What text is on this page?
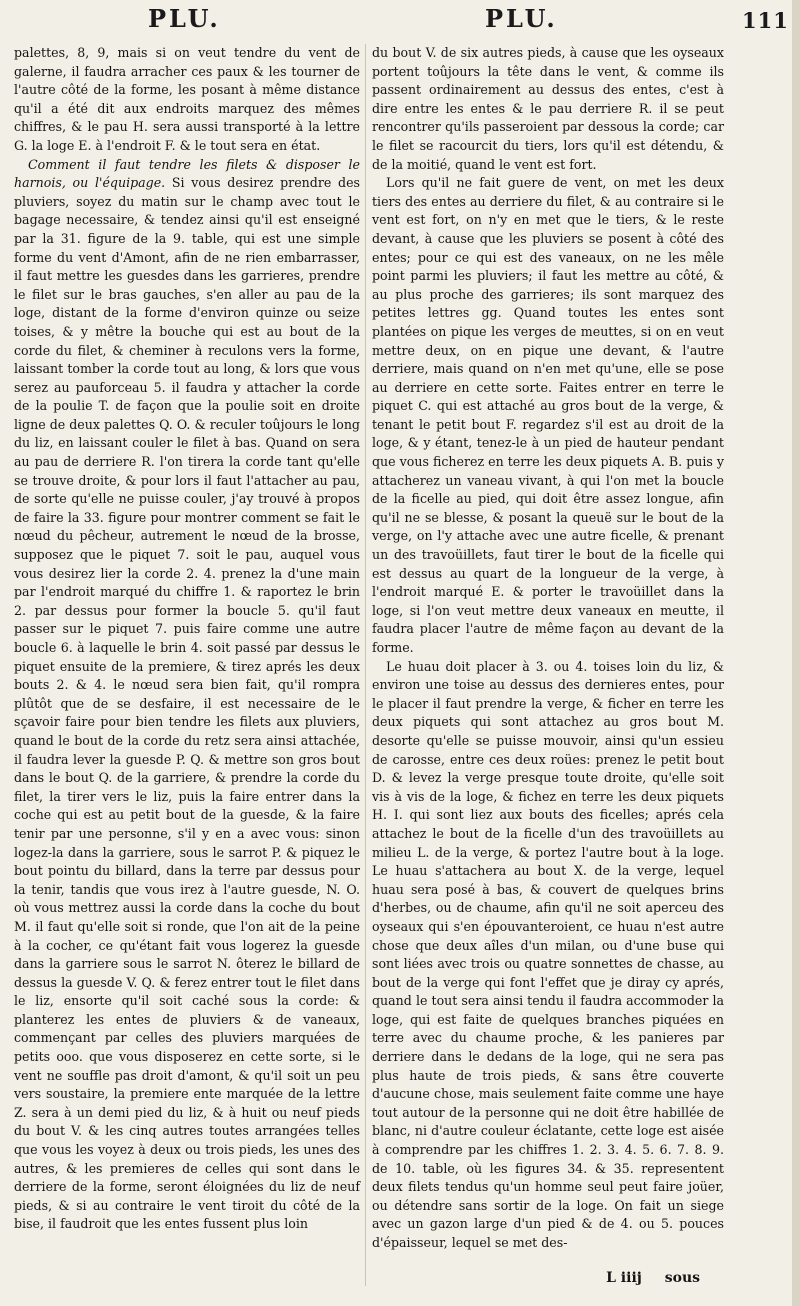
PLU.	PLU.	111

palettes, 8, 9, mais si on veut tendre du vent de galerne, il faudra arracher ces paux & les tourner de l'autre côté de la forme, les posant à même distance qu'il a été dit aux endroits marquez des mêmes chiffres, & le pau H. sera aussi transporté à la lettre G. la loge E. à l'endroit F. & le tout sera en état.

Comment il faut tendre les filets & disposer le harnois, ou l'équipage. Si vous desirez prendre des pluviers, soyez du matin sur le champ avec tout le bagage necessaire, & tendez ainsi qu'il est enseigné par la 31. figure de la 9. table, qui est une simple forme du vent d'Amont, afin de ne rien embarrasser, il faut mettre les guesdes dans les garrieres, prendre le filet sur le bras gauches, s'en aller au pau de la loge, distant de la forme d'environ quinze ou seize toises, & y mêtre la bouche qui est au bout de la corde du filet, & cheminer à reculons vers la forme, laissant tomber la corde tout au long, & lors que vous serez au pauforceau 5. il faudra y attacher la corde de la poulie T. de façon que la poulie soit en droite ligne de deux palettes Q. O. & reculer toûjours le long du liz, en laissant couler le filet à bas. Quand on sera au pau de derriere R. l'on tirera la corde tant qu'elle se trouve droite, & pour lors il faut l'attacher au pau, de sorte qu'elle ne puisse couler, j'ay trouvé à propos de faire la 33. figure pour montrer comment se fait le nœud du pêcheur, autrement le nœud de la brosse, supposez que le piquet 7. soit le pau, auquel vous vous desirez lier la corde 2. 4. prenez la d'une main par l'endroit marqué du chiffre 1. & raportez le brin 2. par dessus pour former la boucle 5. qu'il faut passer sur le piquet 7. puis faire comme une autre boucle 6. à laquelle le brin 4. soit passé par dessus le piquet ensuite de la premiere, & tirez aprés les deux bouts 2. & 4. le nœud sera bien fait, qu'il rompra plûtôt que de se desfaire, il est necessaire de le sçavoir faire pour bien tendre les filets aux pluviers, quand le bout de la corde du retz sera ainsi attachée, il faudra lever la guesde P. Q. & mettre son gros bout dans le bout Q. de la garriere, & prendre la corde du filet, la tirer vers le liz, puis la faire entrer dans la coche qui est au petit bout de la guesde, & la faire tenir par une personne, s'il y en a avec vous: sinon logez-la dans la garriere, sous le sarrot P. & piquez le bout pointu du billard, dans la terre par dessus pour la tenir, tandis que vous irez à l'autre guesde, N. O. où vous mettrez aussi la corde dans la coche du bout M. il faut qu'elle soit si ronde, que l'on ait de la peine à la cocher, ce qu'étant fait vous logerez la guesde dans la garriere sous le sarrot N. ôterez le billard de dessus la guesde V. Q. & ferez entrer tout le filet dans le liz, ensorte qu'il soit caché sous la corde: & planterez les entes de pluviers & de vaneaux, commençant par celles des pluviers marquées de petits ooo. que vous disposerez en cette sorte, si le vent ne souffle pas droit d'amont, & qu'il soit un peu vers soustaire, la premiere ente marquée de la lettre Z. sera à un demi pied du liz, & à huit ou neuf pieds du bout V. & les cinq autres toutes arrangées telles que vous les voyez à deux ou trois pieds, les unes des autres, & les premieres de celles qui sont dans le derriere de la forme, seront éloignées du liz de neuf pieds, & si au contraire le vent tiroit du côté de la bise, il faudroit que les entes fussent plus loin

du bout V. de six autres pieds, à cause que les oyseaux portent toûjours la tête dans le vent, & comme ils passent ordinairement au dessus des entes, c'est à dire entre les entes & le pau derriere R. il se peut rencontrer qu'ils passeroient par dessous la corde; car le filet se racourcit du tiers, lors qu'il est détendu, & de la moitié, quand le vent est fort.

Lors qu'il ne fait guere de vent, on met les deux tiers des entes au derriere du filet, & au contraire si le vent est fort, on n'y en met que le tiers, & le reste devant, à cause que les pluviers se posent à côté des entes; pour ce qui est des vaneaux, on ne les mêle point parmi les pluviers; il faut les mettre au côté, & au plus proche des garrieres; ils sont marquez des petites lettres gg. Quand toutes les entes sont plantées on pique les verges de meuttes, si on en veut mettre deux, on en pique une devant, & l'autre derriere, mais quand on n'en met qu'une, elle se pose au derriere en cette sorte. Faites entrer en terre le piquet C. qui est attaché au gros bout de la verge, & tenant le petit bout F. regardez s'il est au droit de la loge, & y étant, tenez-le à un pied de hauteur pendant que vous ficherez en terre les deux piquets A. B. puis y attacherez un vaneau vivant, à qui l'on met la boucle de la ficelle au pied, qui doit être assez longue, afin qu'il ne se blesse, & posant la queuë sur le bout de la verge, on l'y attache avec une autre ficelle, & prenant un des travoüillets, faut tirer le bout de la ficelle qui est dessus au quart de la longueur de la verge, à l'endroit marqué E. & porter le travoüillet dans la loge, si l'on veut mettre deux vaneaux en meutte, il faudra placer l'autre de même façon au devant de la forme.

Le huau doit placer à 3. ou 4. toises loin du liz, & environ une toise au dessus des dernieres entes, pour le placer il faut prendre la verge, & ficher en terre les deux piquets qui sont attachez au gros bout M. desorte qu'elle se puisse mouvoir, ainsi qu'un essieu de carosse, entre ces deux roües: prenez le petit bout D. & levez la verge presque toute droite, qu'elle soit vis à vis de la loge, & fichez en terre les deux piquets H. I. qui sont liez aux bouts des ficelles; aprés cela attachez le bout de la ficelle d'un des travoüillets au milieu L. de la verge, & portez l'autre bout à la loge. Le huau s'attachera au bout X. de la verge, lequel huau sera posé à bas, & couvert de quelques brins d'herbes, ou de chaume, afin qu'il ne soit aperceu des oyseaux qui s'en épouvanteroient, ce huau n'est autre chose que deux aîles d'un milan, ou d'une buse qui sont liées avec trois ou quatre sonnettes de chasse, au bout de la verge qui font l'effet que je diray cy aprés, quand le tout sera ainsi tendu il faudra accommoder la loge, qui est faite de quelques branches piquées en terre avec du chaume proche, & les panieres par derriere dans le dedans de la loge, qui ne sera pas plus haute de trois pieds, & sans être couverte d'aucune chose, mais seulement faite comme une haye tout autour de la personne qui ne doit être habillée de blanc, ni d'autre couleur éclatante, cette loge est aisée à comprendre par les chiffres 1. 2. 3. 4. 5. 6. 7. 8. 9. de 10. table, où les figures 34. & 35. representent deux filets tendus qu'un homme seul peut faire joüer, ou détendre sans sortir de la loge. On fait un siege avec un gazon large d'un pied & de 4. ou 5. pouces d'épaisseur, lequel se met des-

L iiij sous
